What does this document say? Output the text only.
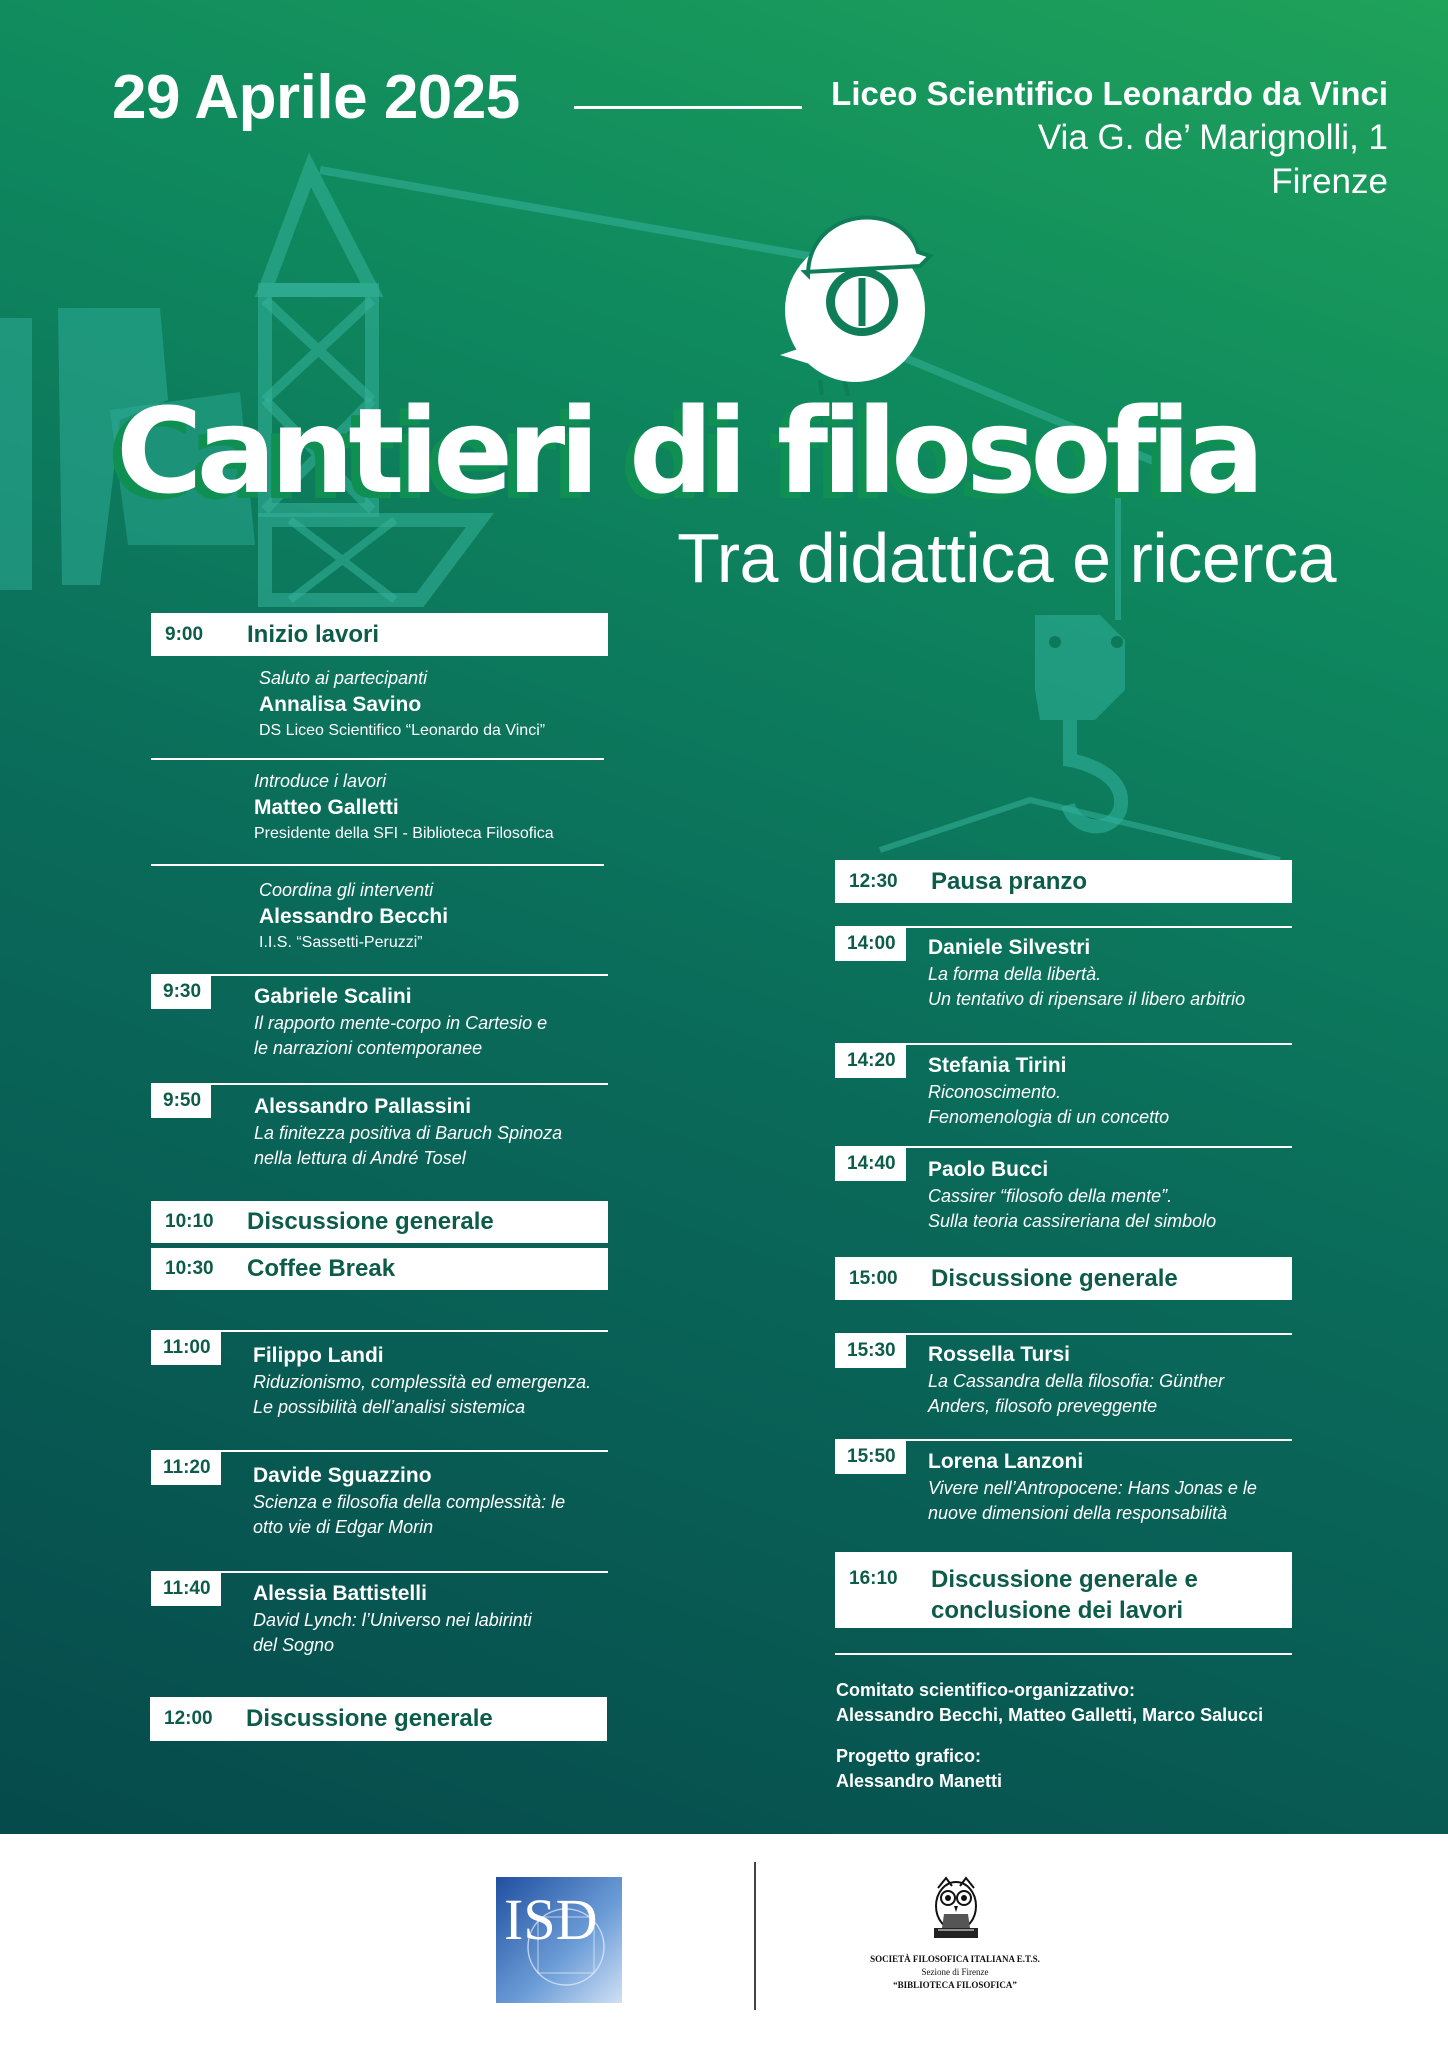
29 Aprile 2025	Liceo Scientifico Leonardo da Vinci
Via G. de’ Marignolli, 1
Firenze
Cantieri di filosofia
Tra didattica e ricerca
9:00	Inizio lavori
Saluto ai partecipanti
Annalisa Savino
DS Liceo Scientifico “Leonardo da Vinci”
Introduce i lavori
Matteo Galletti
Presidente della SFI - Biblioteca Filosofica
Coordina gli interventi
Alessandro Becchi
I.I.S. “Sassetti-Peruzzi”
9:30	Gabriele Scalini
Il rapporto mente-corpo in Cartesio e
le narrazioni contemporanee
9:50	Alessandro Pallassini
La finitezza positiva di Baruch Spinoza
nella lettura di André Tosel
10:10	Discussione generale
10:30	Coffee Break
11:00	Filippo Landi
Riduzionismo, complessità ed emergenza.
Le possibilità dell’analisi sistemica
11:20	Davide Sguazzino
Scienza e filosofia della complessità: le
otto vie di Edgar Morin
11:40	Alessia Battistelli
David Lynch: l’Universo nei labirinti
del Sogno
12:00	Discussione generale
12:30	Pausa pranzo
14:00	Daniele Silvestri
La forma della libertà.
Un tentativo di ripensare il libero arbitrio
14:20	Stefania Tirini
Riconoscimento.
Fenomenologia di un concetto
14:40	Paolo Bucci
Cassirer “filosofo della mente”.
Sulla teoria cassireriana del simbolo
15:00	Discussione generale
15:30	Rossella Tursi
La Cassandra della filosofia: Günther
Anders, filosofo preveggente
15:50	Lorena Lanzoni
Vivere nell’Antropocene: Hans Jonas e le
nuove dimensioni della responsabilità
16:10	Discussione generale e
conclusione dei lavori
Comitato scientifico-organizzativo:
Alessandro Becchi, Matteo Galletti, Marco Salucci
Progetto grafico:
Alessandro Manetti
ISD
SOCIETÀ FILOSOFICA ITALIANA E.T.S.
Sezione di Firenze
“BIBLIOTECA FILOSOFICA”
